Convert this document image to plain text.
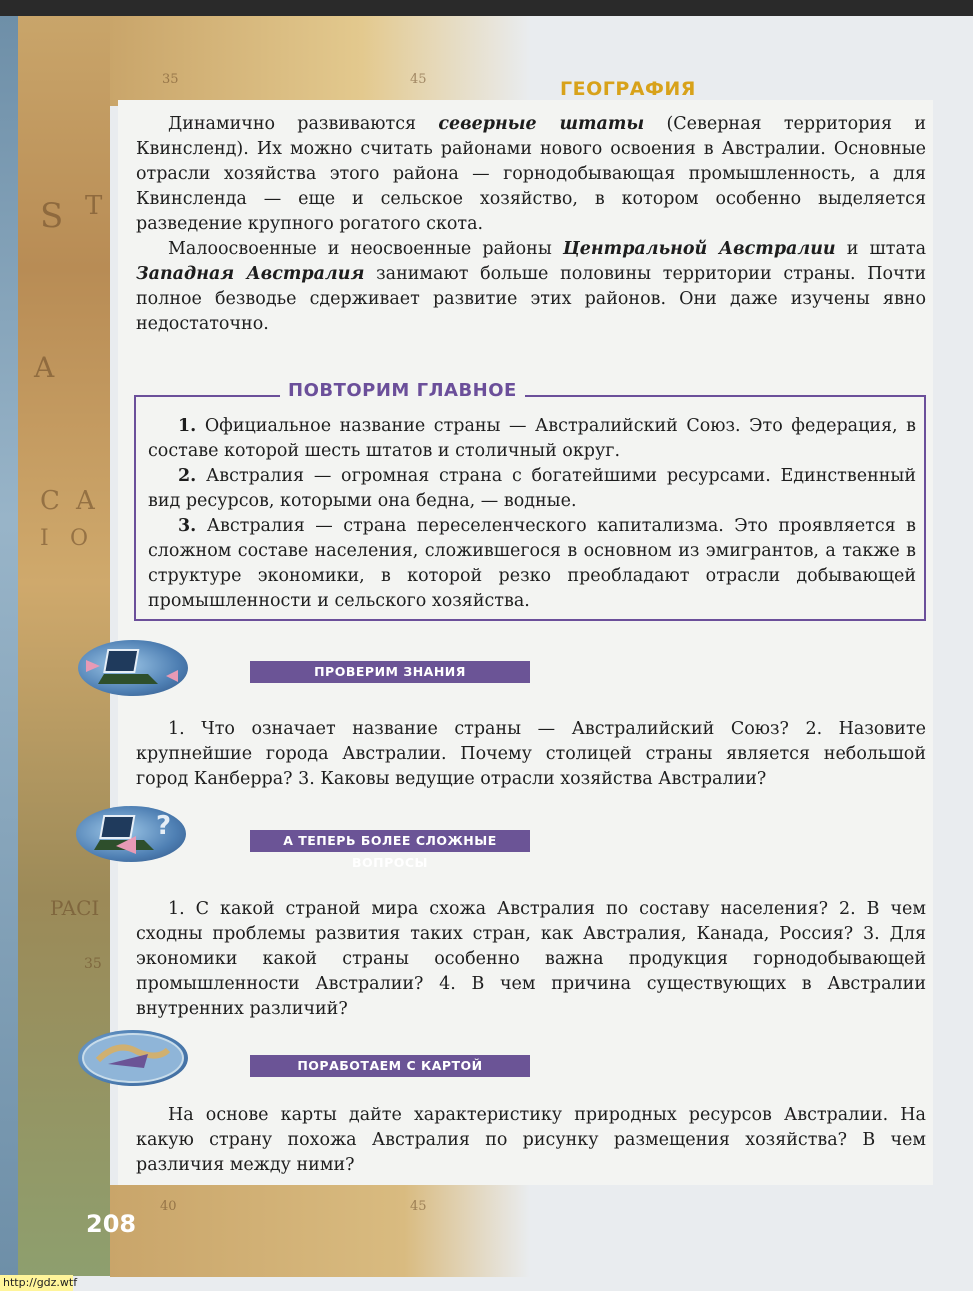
S T
A
C A
I O
PACI
35
35	45
40	45
ГЕОГРАФИЯ

Динамично развиваются северные штаты (Северная территория и Квинсленд). Их можно считать районами нового освоения в Австралии. Основные отрасли хозяйства этого района — горнодобывающая промышленность, а для Квинсленда — еще и сельское хозяйство, в котором особенно выделяется разведение крупного рогатого скота.

Малоосвоенные и неосвоенные районы Центральной Австралии и штата Западная Австралия занимают больше половины территории страны. Почти полное безводье сдерживает развитие этих районов. Они даже изучены явно недостаточно.

ПОВТОРИМ ГЛАВНОЕ

1. Официальное название страны — Австралийский Союз. Это федерация, в составе которой шесть штатов и столичный округ.

2. Австралия — огромная страна с богатейшими ресурсами. Единственный вид ресурсов, которыми она бедна, — водные.

3. Австралия — страна переселенческого капитализма. Это проявляется в сложном составе населения, сложившегося в основном из эмигрантов, а также в структуре экономики, в которой резко преобладают отрасли добывающей промышленности и сельского хозяйства.

ПРОВЕРИМ ЗНАНИЯ

1. Что означает название страны — Австралийский Союз? 2. Назовите крупнейшие города Австралии. Почему столицей страны является небольшой город Канберра? 3. Каковы ведущие отрасли хозяйства Австралии?

?	А ТЕПЕРЬ БОЛЕЕ СЛОЖНЫЕ ВОПРОСЫ

1. С какой страной мира схожа Австралия по составу населения? 2. В чем сходны проблемы развития таких стран, как Австралия, Канада, Россия? 3. Для экономики какой страны особенно важна продукция горнодобывающей промышленности Австралии? 4. В чем причина существующих в Австралии внутренних различий?

ПОРАБОТАЕМ С КАРТОЙ

На основе карты дайте характеристику природных ресурсов Австралии. На какую страну похожа Австралия по рисунку размещения хозяйства? В чем различия между ними?

208
http://gdz.wtf
